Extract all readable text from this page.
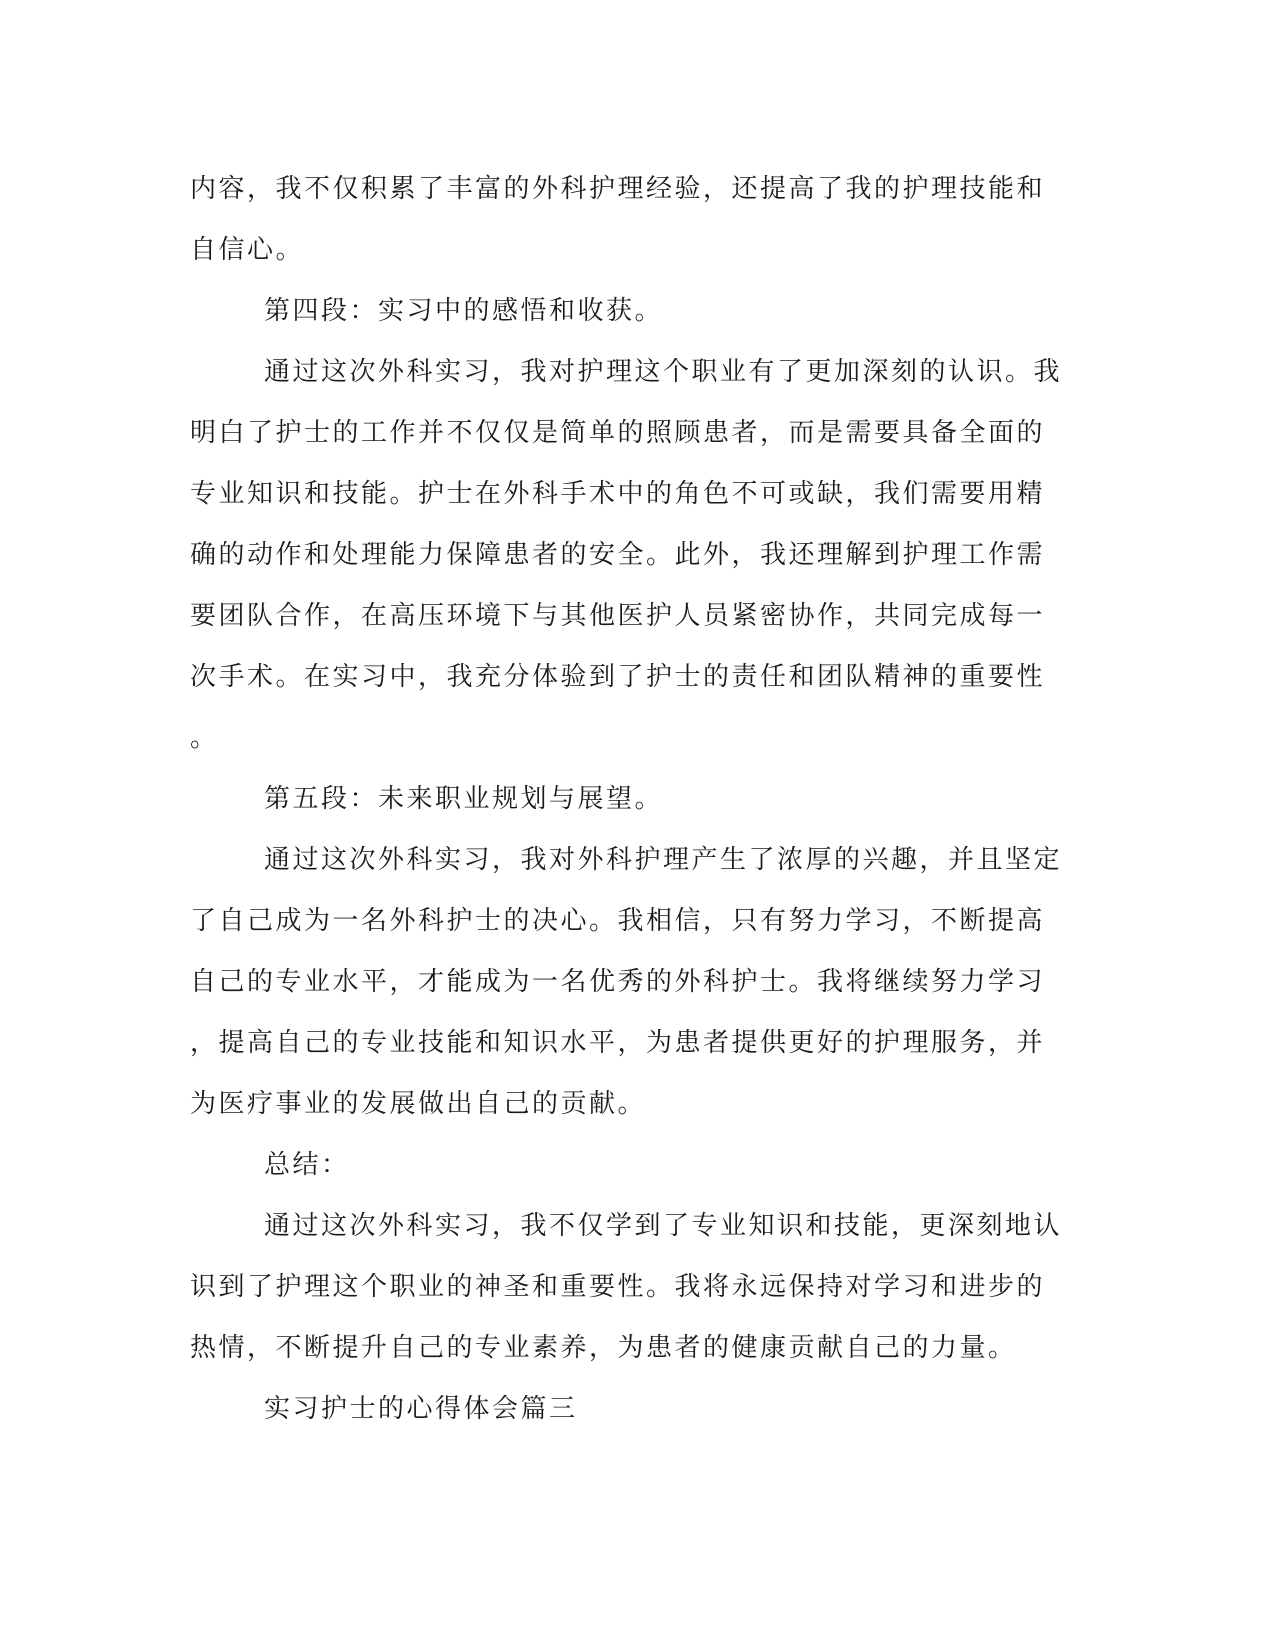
内容，我不仅积累了丰富的外科护理经验，还提高了我的护理技能和
自信心。
第四段：实习中的感悟和收获。
通过这次外科实习，我对护理这个职业有了更加深刻的认识。我
明白了护士的工作并不仅仅是简单的照顾患者，而是需要具备全面的
专业知识和技能。护士在外科手术中的角色不可或缺，我们需要用精
确的动作和处理能力保障患者的安全。此外，我还理解到护理工作需
要团队合作，在高压环境下与其他医护人员紧密协作，共同完成每一
次手术。在实习中，我充分体验到了护士的责任和团队精神的重要性
。
第五段：未来职业规划与展望。
通过这次外科实习，我对外科护理产生了浓厚的兴趣，并且坚定
了自己成为一名外科护士的决心。我相信，只有努力学习，不断提高
自己的专业水平，才能成为一名优秀的外科护士。我将继续努力学习
，提高自己的专业技能和知识水平，为患者提供更好的护理服务，并
为医疗事业的发展做出自己的贡献。
总结：
通过这次外科实习，我不仅学到了专业知识和技能，更深刻地认
识到了护理这个职业的神圣和重要性。我将永远保持对学习和进步的
热情，不断提升自己的专业素养，为患者的健康贡献自己的力量。
实习护士的心得体会篇三
